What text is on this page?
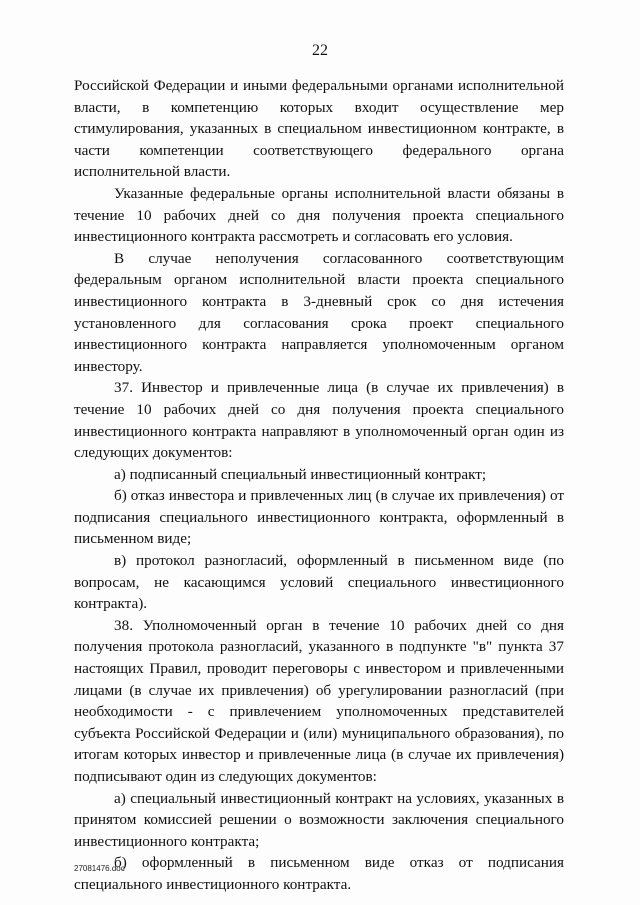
22

Российской Федерации и иными федеральными органами исполнительной власти, в компетенцию которых входит осуществление мер стимулирования, указанных в специальном инвестиционном контракте, в части компетенции соответствующего федерального органа исполнительной власти.

Указанные федеральные органы исполнительной власти обязаны в течение 10 рабочих дней со дня получения проекта специального инвестиционного контракта рассмотреть и согласовать его условия.

В случае неполучения согласованного соответствующим федеральным органом исполнительной власти проекта специального инвестиционного контракта в 3-дневный срок со дня истечения установленного для согласования срока проект специального инвестиционного контракта направляется уполномоченным органом инвестору.

37. Инвестор и привлеченные лица (в случае их привлечения) в течение 10 рабочих дней со дня получения проекта специального инвестиционного контракта направляют в уполномоченный орган один из следующих документов:

а) подписанный специальный инвестиционный контракт;

б) отказ инвестора и привлеченных лиц (в случае их привлечения) от подписания специального инвестиционного контракта, оформленный в письменном виде;

в) протокол разногласий, оформленный в письменном виде (по вопросам, не касающимся условий специального инвестиционного контракта).

38. Уполномоченный орган в течение 10 рабочих дней со дня получения протокола разногласий, указанного в подпункте "в" пункта 37 настоящих Правил, проводит переговоры с инвестором и привлеченными лицами (в случае их привлечения) об урегулировании разногласий (при необходимости - с привлечением уполномоченных представителей субъекта Российской Федерации и (или) муниципального образования), по итогам которых инвестор и привлеченные лица (в случае их привлечения) подписывают один из следующих документов:

а) специальный инвестиционный контракт на условиях, указанных в принятом комиссией решении о возможности заключения специального инвестиционного контракта;

б) оформленный в письменном виде отказ от подписания специального инвестиционного контракта.

27081476.doc
